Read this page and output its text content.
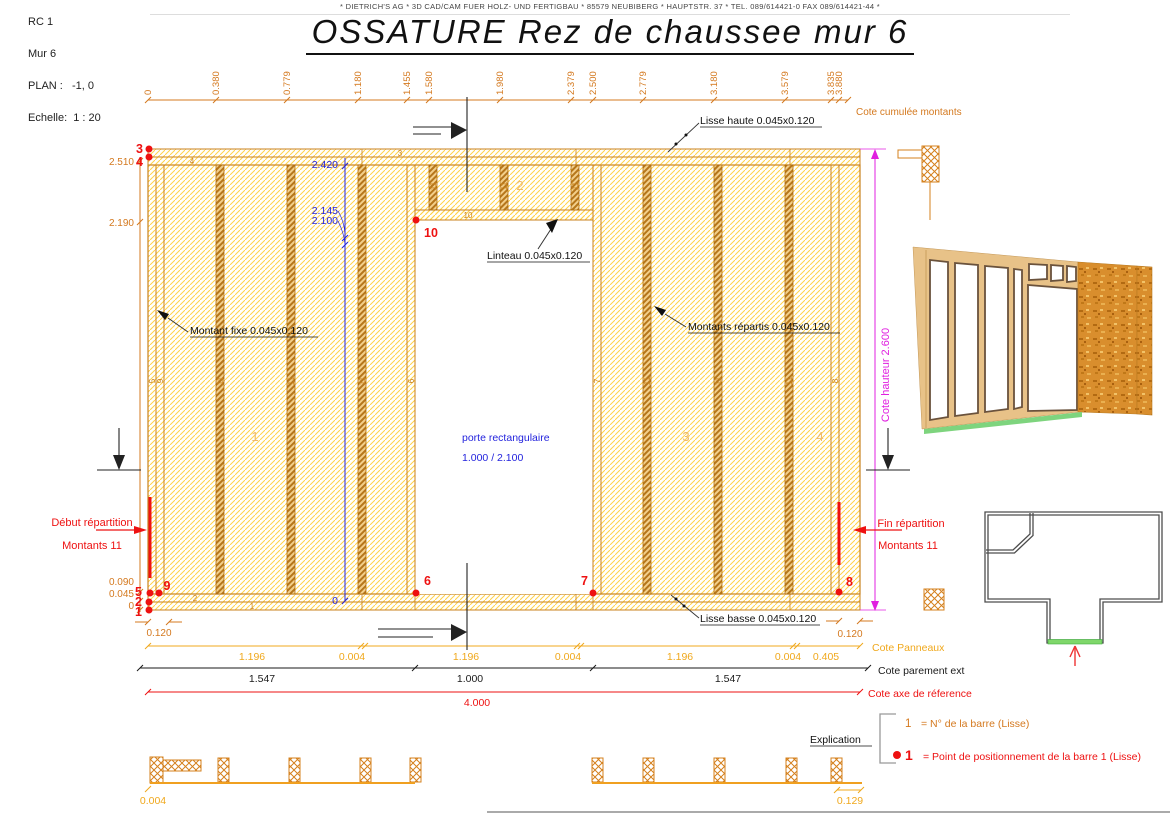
* DIETRICH'S AG * 3D CAD/CAM FUER HOLZ- UND FERTIGBAU * 85579 NEUBIBERG * HAUPTSTR. 37 * TEL. 089/614421-0 FAX 089/614421-44 *
OSSATURE Rez de chaussee mur 6
RC 1

Mur 6

PLAN :   -1, 0

Echelle:  1 : 20
0	0.380	0.779	1.180	1.455 1.580	1.980	2.379 2.500	2.779	3.180	3.579	3.835
3.880
Cote cumulée montants
2.510
2.190
0.090
0.045
0
3
4
10
2
1
5
9	11	11	11	6	7	11	11	11	8
11	11	11
1
2
3	4
2.420
2.145
2.100
0
porte rectangulaire
1.000 / 2.100
Cote hauteur 2.600
Lisse haute 0.045x0.120
Linteau 0.045x0.120
Montant fixe 0.045x0.120	Montants répartis 0.045x0.120
Lisse basse 0.045x0.120
Début répartition
Montants 11
Fin répartition
Montants 11
3
4
10
5 9
2
1
6	7	8
0.120	0.120
1.196	0.004	1.196	0.004	1.196	0.004 0.405
Cote Panneaux
1.547	1.000	1.547
Cote parement ext
4.000
Cote axe de réference
0.004	0.129
Explication
1 = N° de la barre (Lisse)
1 = Point de positionnement de la barre 1 (Lisse)
